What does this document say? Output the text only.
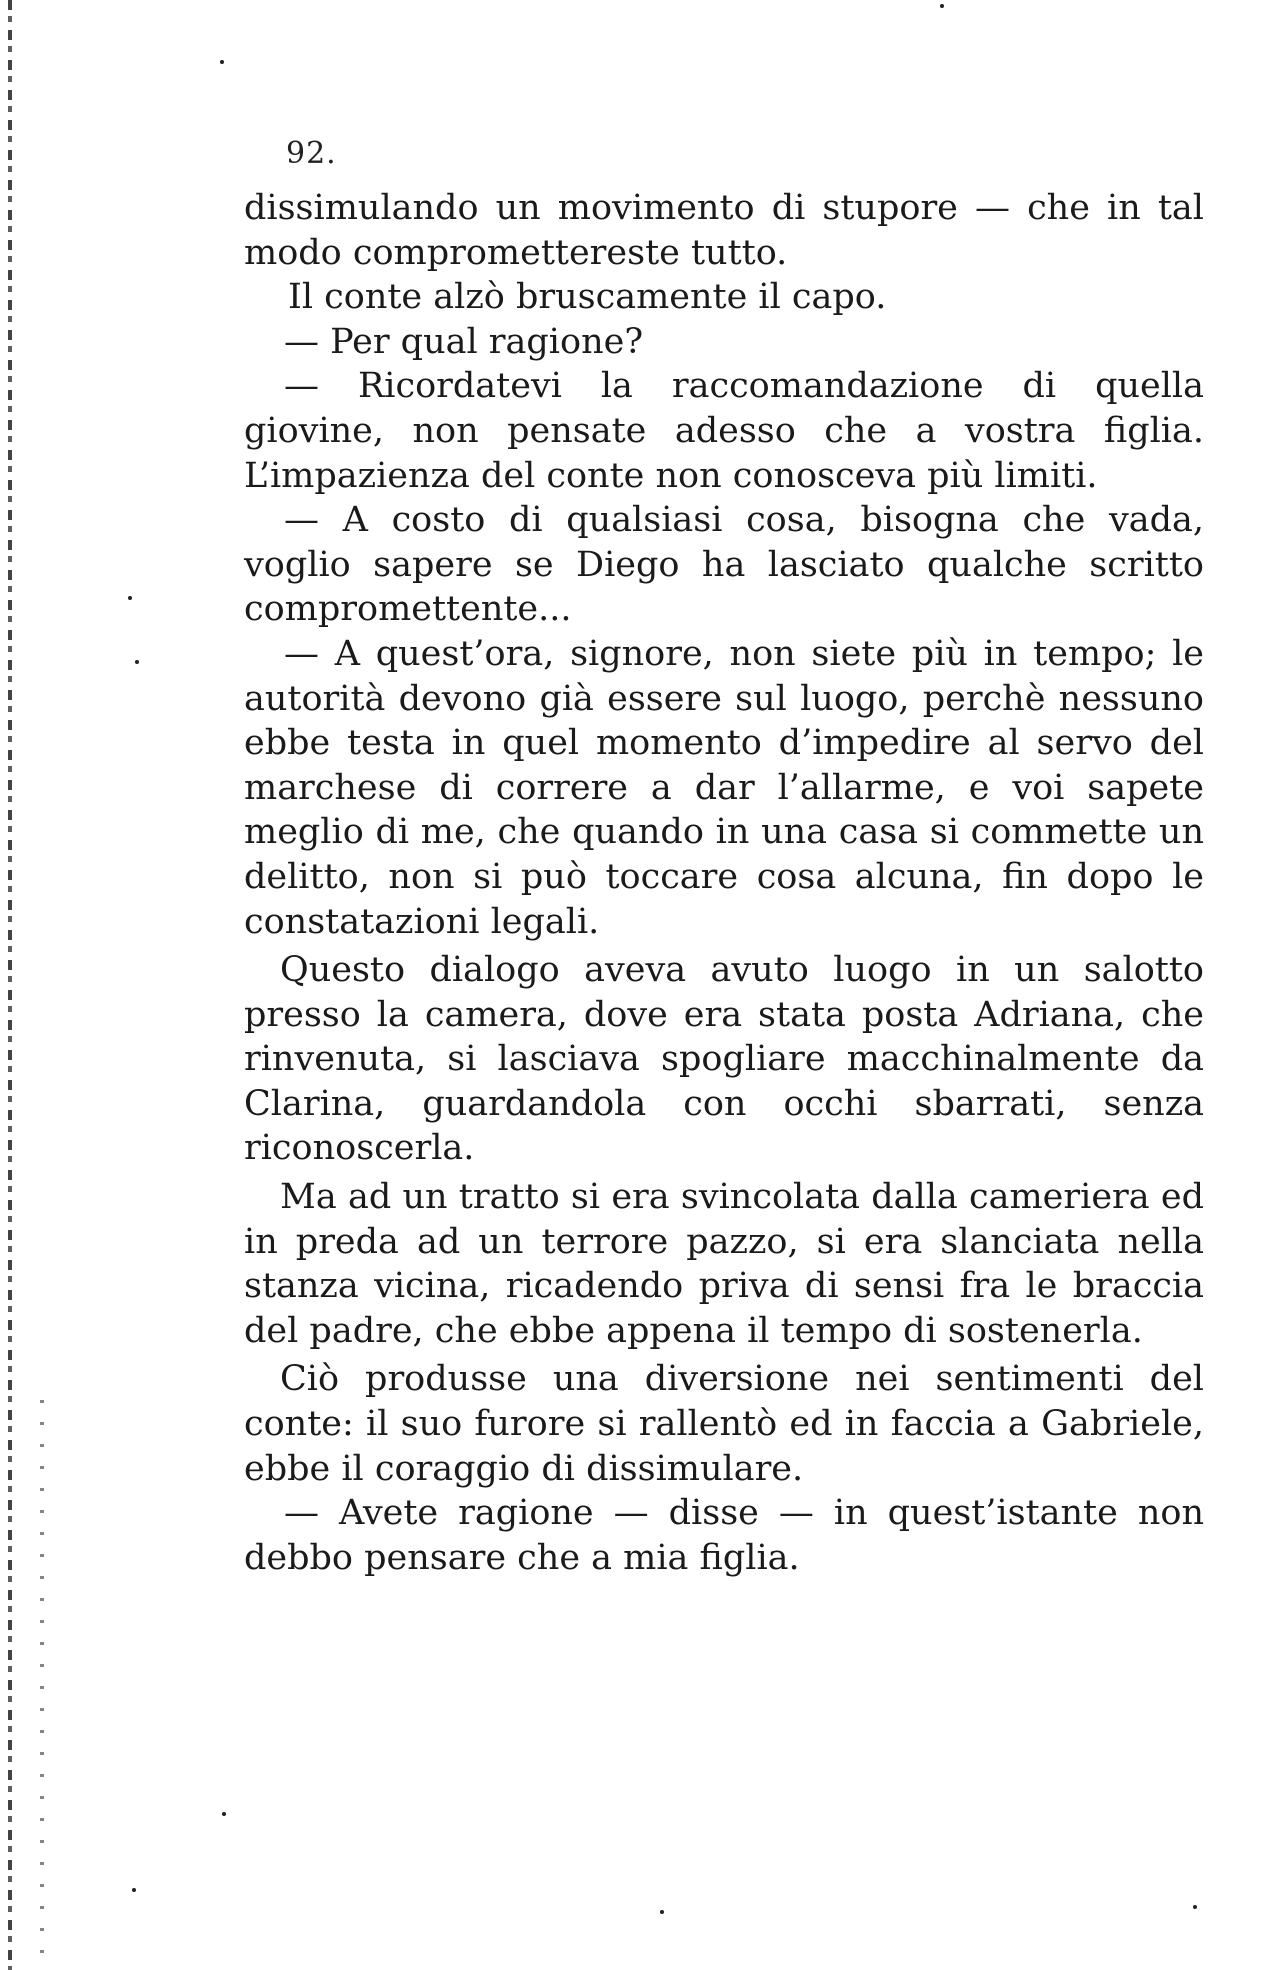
92.

dissimulando un movimento di stupore — che in tal modo compromettereste tutto.

Il conte alzò bruscamente il capo.

— Per qual ragione?

— Ricordatevi la raccomandazione di quella giovine, non pensate adesso che a vostra figlia. L’impazienza del conte non conosceva più limiti.

— A costo di qualsiasi cosa, bisogna che vada, voglio sapere se Diego ha lasciato qualche scritto compromettente...

— A quest’ora, signore, non siete più in tempo; le autorità devono già essere sul luogo, perchè nessuno ebbe testa in quel momento d’impedire al servo del marchese di correre a dar l’allarme, e voi sapete meglio di me, che quando in una casa si commette un delitto, non si può toccare cosa alcuna, fin dopo le constatazioni legali.

Questo dialogo aveva avuto luogo in un salotto presso la camera, dove era stata posta Adriana, che rinvenuta, si lasciava spogliare macchinalmente da Clarina, guardandola con occhi sbarrati, senza riconoscerla.

Ma ad un tratto si era svincolata dalla cameriera ed in preda ad un terrore pazzo, si era slanciata nella stanza vicina, ricadendo priva di sensi fra le braccia del padre, che ebbe appena il tempo di sostenerla.

Ciò produsse una diversione nei sentimenti del conte: il suo furore si rallentò ed in faccia a Gabriele, ebbe il coraggio di dissimulare.

— Avete ragione — disse — in quest’istante non debbo pensare che a mia figlia.
